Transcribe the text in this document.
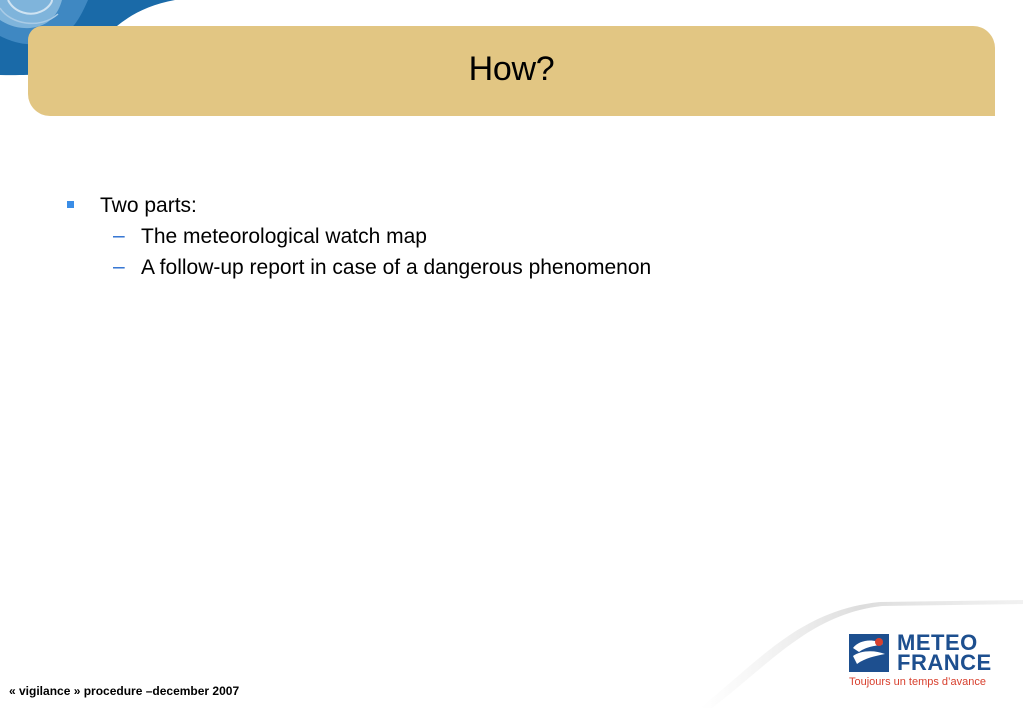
How?
Two parts:
– The meteorological watch map
– A follow-up report in case of a dangerous phenomenon
« vigilance » procedure –december 2007
METEO
FRANCE
Toujours un temps d’avance
